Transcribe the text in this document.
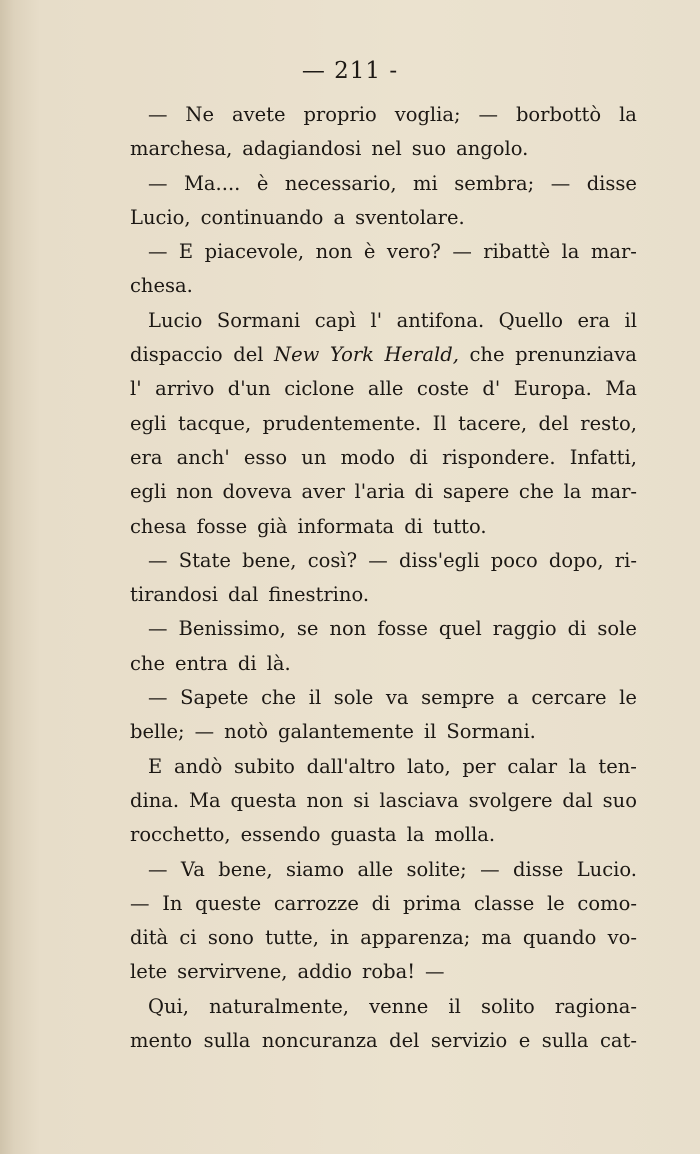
— 211 -
— Ne avete proprio voglia; — borbottò la
marchesa, adagiandosi nel suo angolo.
— Ma.... è necessario, mi sembra; — disse
Lucio, continuando a sventolare.
— E piacevole, non è vero? — ribattè la mar-
chesa.
Lucio Sormani capì l' antifona. Quello era il
dispaccio del New York Herald, che prenunziava
l' arrivo d'un ciclone alle coste d' Europa. Ma
egli tacque, prudentemente. Il tacere, del resto,
era anch' esso un modo di rispondere. Infatti,
egli non doveva aver l'aria di sapere che la mar-
chesa fosse già informata di tutto.
— State bene, così? — diss'egli poco dopo, ri-
tirandosi dal finestrino.
— Benissimo, se non fosse quel raggio di sole
che entra di là.
— Sapete che il sole va sempre a cercare le
belle; — notò galantemente il Sormani.
E andò subito dall'altro lato, per calar la ten-
dina. Ma questa non si lasciava svolgere dal suo
rocchetto, essendo guasta la molla.
— Va bene, siamo alle solite; — disse Lucio.
— In queste carrozze di prima classe le como-
dità ci sono tutte, in apparenza; ma quando vo-
lete servirvene, addio roba! —
Qui, naturalmente, venne il solito ragiona-
mento sulla noncuranza del servizio e sulla cat-
